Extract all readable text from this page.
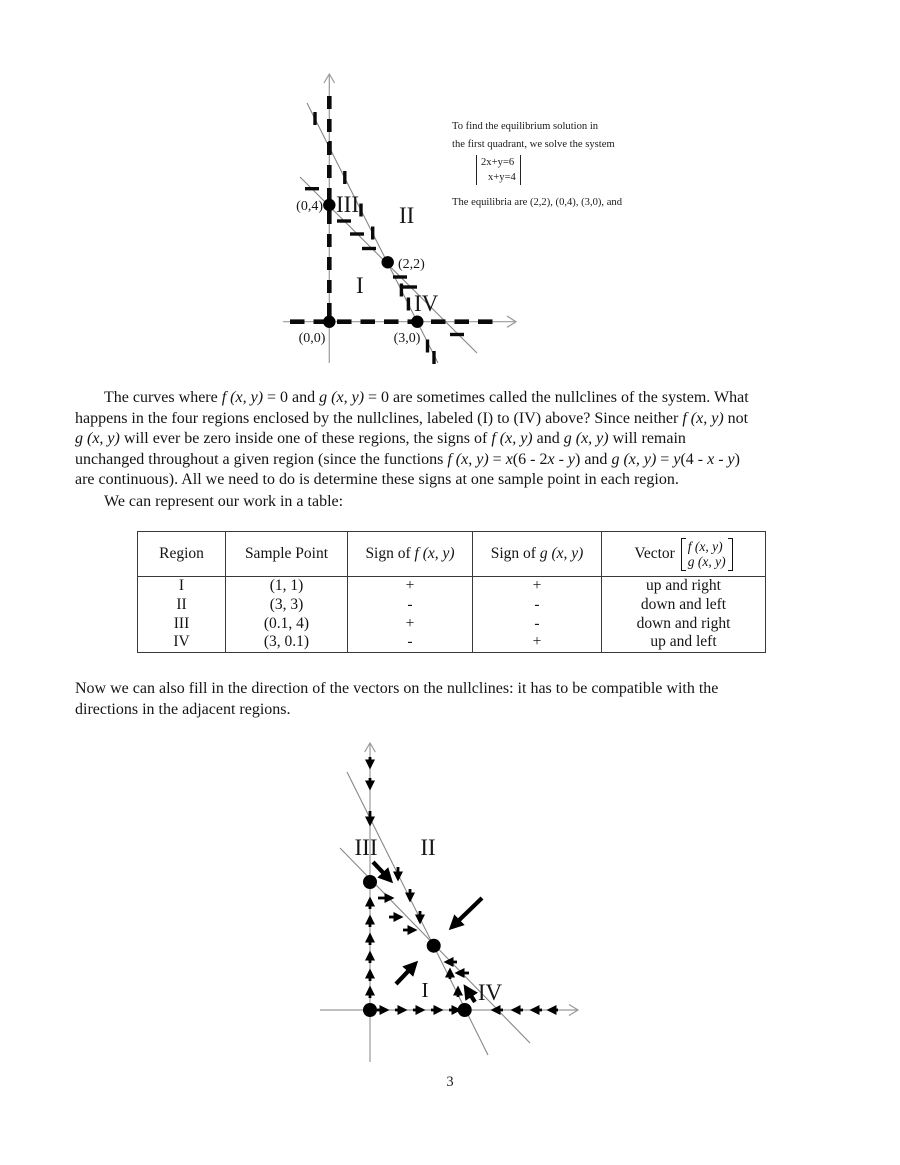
(0,4) III II
(2,2)
I
IV
(0,0)	(3,0)
To find the equilibrium solution in
the first quadrant, we solve the system
2x+y=6
x+y=4
The equilibria are (2,2), (0,4), (3,0), and
The curves where f (x, y) = 0 and g (x, y) = 0 are sometimes called the nullclines of the system. What
happens in the four regions enclosed by the nullclines, labeled (I) to (IV) above? Since neither f (x, y) not
g (x, y) will ever be zero inside one of these regions, the signs of f (x, y) and g (x, y) will remain
unchanged throughout a given region (since the functions f (x, y) = x(6 - 2x - y) and g (x, y) = y(4 - x - y)
are continuous). All we need to do is determine these signs at one sample point in each region.
We can represent our work in a table:
Region	Sample Point	Sign of f (x, y)	Sign of g (x, y)	Vector f (x, y)
g (x, y)

I	(1, 1)	+	+	up and right
II	(3, 3)	-	-	down and left
III	(0.1, 4)	+	-	down and right
IV	(3, 0.1)	-	+	up and left
Now we can also fill in the direction of the vectors on the nullclines: it has to be compatible with the
directions in the adjacent regions.
III II
I IV
3
